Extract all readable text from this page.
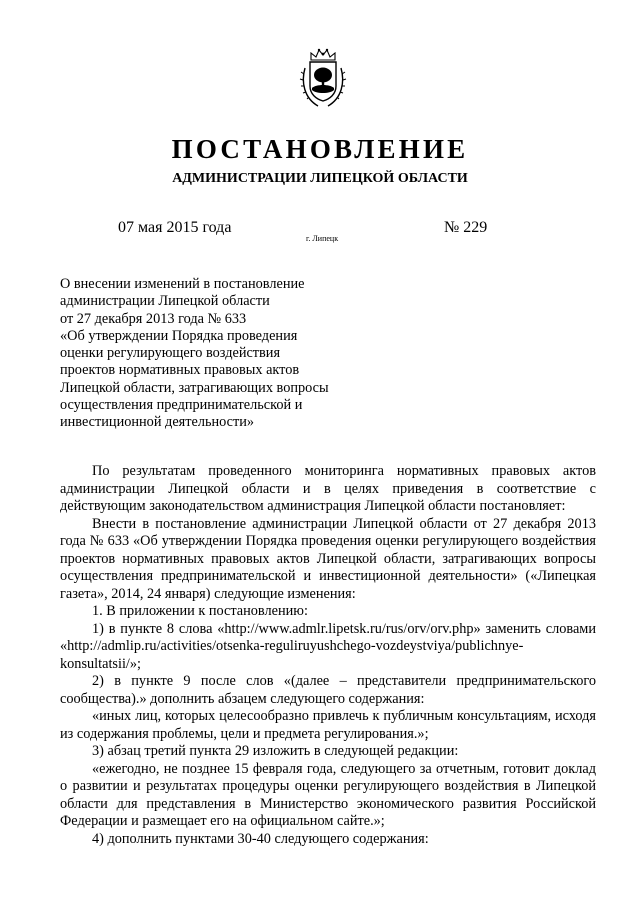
ПОСТАНОВЛЕНИЕ
АДМИНИСТРАЦИИ ЛИПЕЦКОЙ ОБЛАСТИ
07 мая 2015 года
г. Липецк
№ 229
О внесении изменений в постановление
администрации Липецкой области
от 27 декабря 2013 года № 633
«Об утверждении Порядка проведения
оценки регулирующего воздействия
проектов нормативных правовых актов
Липецкой области, затрагивающих вопросы
осуществления предпринимательской и
инвестиционной деятельности»

По результатам проведенного мониторинга нормативных правовых актов администрации Липецкой области и в целях приведения в соответствие с действующим законодательством администрация Липецкой области постановляет:

Внести в постановление администрации Липецкой области от 27 декабря 2013 года № 633 «Об утверждении Порядка проведения оценки регулирующего воздействия проектов нормативных правовых актов Липецкой области, затрагивающих вопросы осуществления предпринимательской и инвестиционной деятельности» («Липецкая газета», 2014, 24 января) следующие изменения:

1. В приложении к постановлению:

1) в пункте 8 слова «http://www.admlr.lipetsk.ru/rus/orv/orv.php» заменить словами «http://admlip.ru/activities/otsenka-reguliruyushchego-vozdeystviya/publichnye-konsultatsii/»;

2) в пункте 9 после слов «(далее – представители предпринимательского сообщества).» дополнить абзацем следующего содержания:

«иных лиц, которых целесообразно привлечь к публичным консультациям, исходя из содержания проблемы, цели и предмета регулирования.»;

3) абзац третий пункта 29 изложить в следующей редакции:

«ежегодно, не позднее 15 февраля года, следующего за отчетным, готовит доклад о развитии и результатах процедуры оценки регулирующего воздействия в Липецкой области для представления в Министерство экономического развития Российской Федерации и размещает его на официальном сайте.»;

4) дополнить пунктами 30-40 следующего содержания:
